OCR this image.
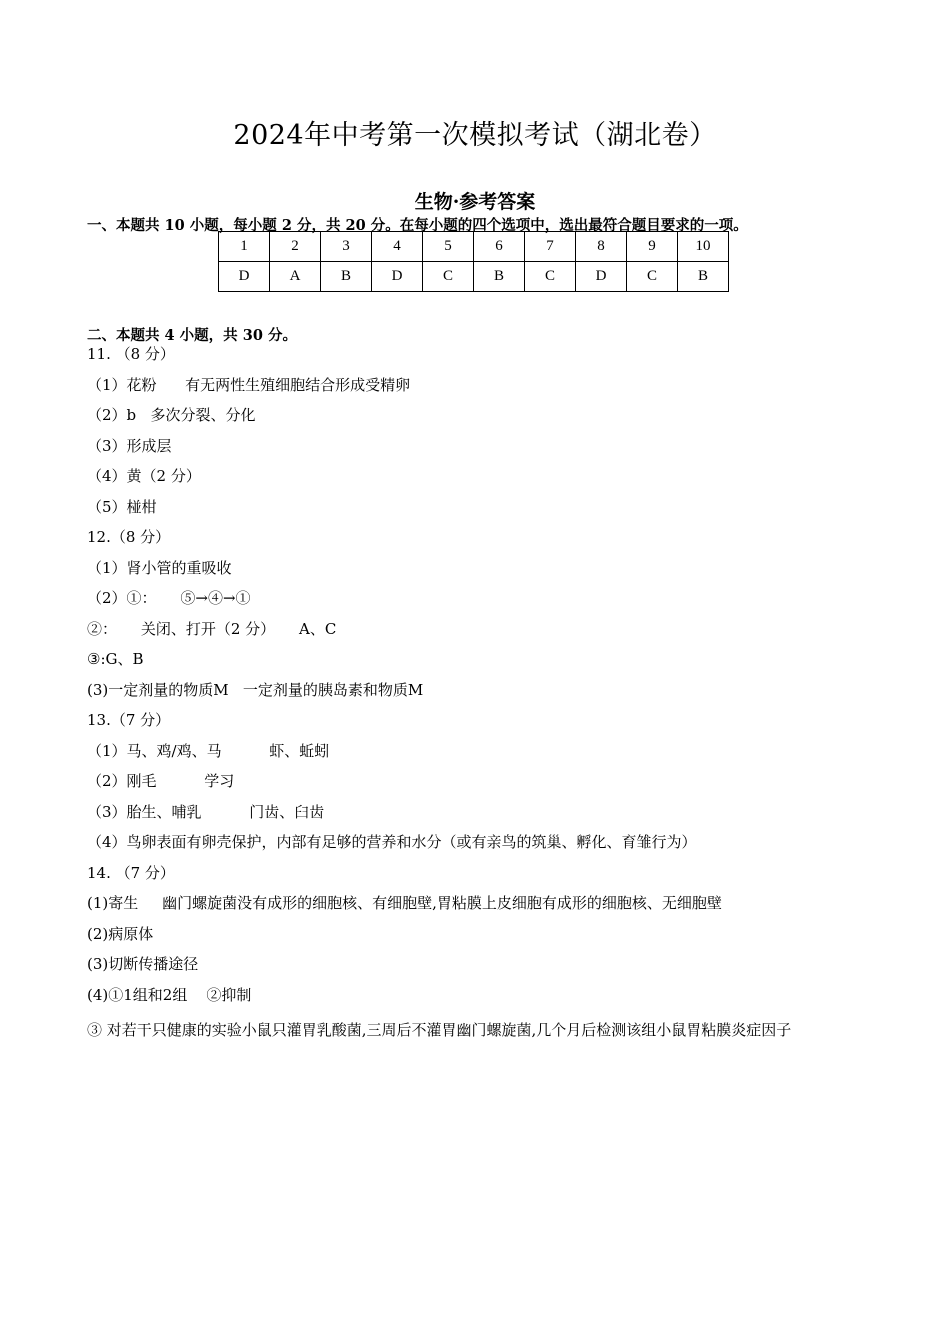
2024年中考第一次模拟考试（湖北卷）
生物·参考答案
一、本题共 10 小题，每小题 2 分，共 20 分。在每小题的四个选项中，选出最符合题目要求的一项。
1	2	3	4	5	6	7	8	9	10
D	A	B	D	C	B	C	D	C	B
二、本题共 4 小题，共 30 分。
11. （8 分）
（1）花粉      有无两性生殖细胞结合形成受精卵
（2）b   多次分裂、分化
（3）形成层
（4）黄（2 分）
（5）椪柑
12.（8 分）
（1）肾小管的重吸收
（2）①：     ⑤→④→①
②：     关闭、打开（2 分）     A、C
③:G、B
(3)一定剂量的物质M   一定剂量的胰岛素和物质M
13.（7 分）
（1）马、鸡/鸡、马          虾、蚯蚓
（2）刚毛          学习
（3）胎生、哺乳          门齿、臼齿
（4）鸟卵表面有卵壳保护，内部有足够的营养和水分（或有亲鸟的筑巢、孵化、育雏行为）
14. （7 分）
(1)寄生     幽门螺旋菌没有成形的细胞核、有细胞壁,胃粘膜上皮细胞有成形的细胞核、无细胞壁
(2)病原体
(3)切断传播途径
(4)①1组和2组    ②抑制
③ 对若干只健康的实验小鼠只灌胃乳酸菌,三周后不灌胃幽门螺旋菌,几个月后检测该组小鼠胃粘膜炎症因子
